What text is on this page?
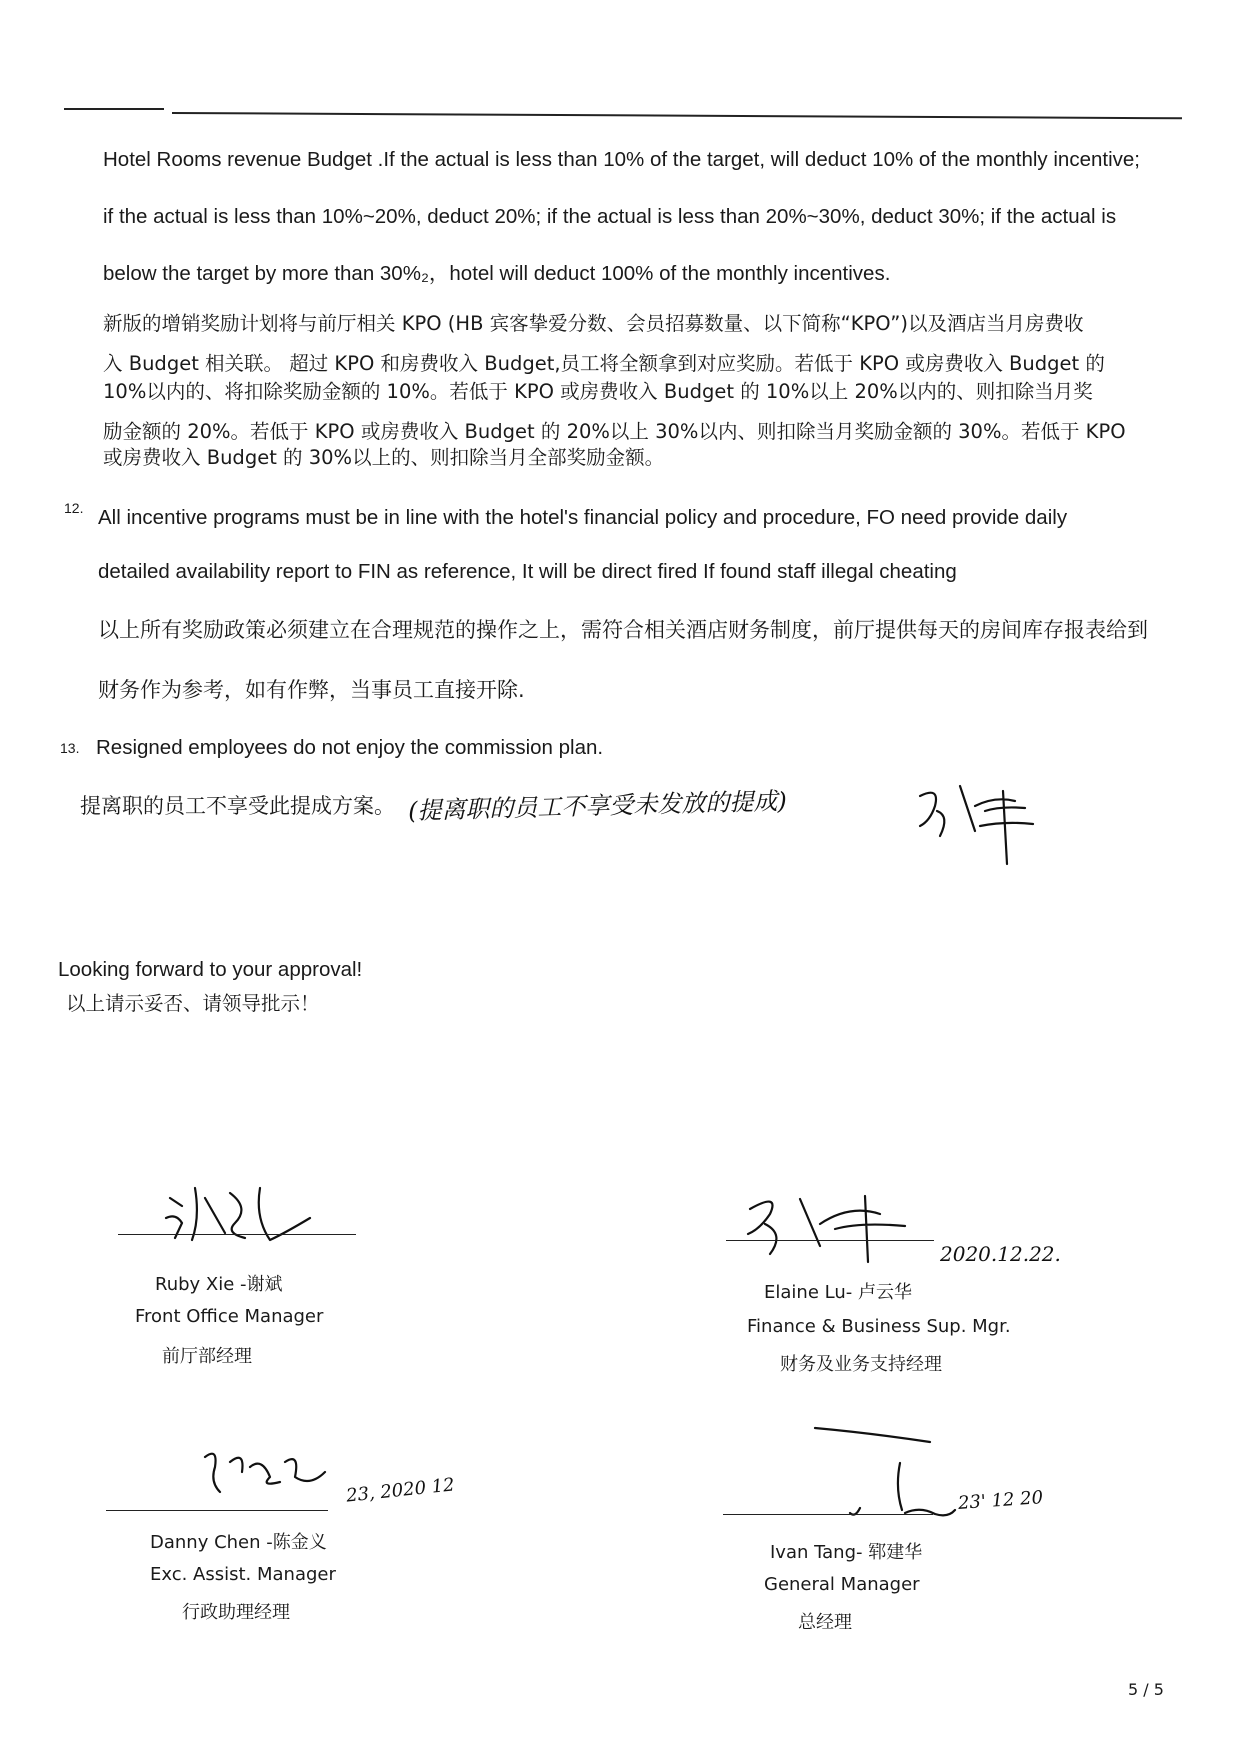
Hotel Rooms revenue Budget .If the actual is less than 10% of the target, will deduct 10% of the monthly incentive;
if the actual is less than 10%~20%, deduct 20%; if the actual is less than 20%~30%, deduct 30%; if the actual is
below the target by more than 30%₂，hotel will deduct 100% of the monthly incentives.
新版的增销奖励计划将与前厅相关 KPO (HB 宾客挚爱分数、会员招募数量、以下简称“KPO”)以及酒店当月房费收
入 Budget 相关联。 超过 KPO 和房费收入 Budget,员工将全额拿到对应奖励。若低于 KPO 或房费收入 Budget 的
10%以内的、将扣除奖励金额的 10%。若低于 KPO 或房费收入 Budget 的 10%以上 20%以内的、则扣除当月奖
励金额的 20%。若低于 KPO 或房费收入 Budget 的 20%以上 30%以内、则扣除当月奖励金额的 30%。若低于 KPO
或房费收入 Budget 的 30%以上的、则扣除当月全部奖励金额。
12. All incentive programs must be in line with the hotel's financial policy and procedure, FO need provide daily
detailed availability report to FIN as reference, It will be direct fired If found staff illegal cheating
以上所有奖励政策必须建立在合理规范的操作之上，需符合相关酒店财务制度，前厅提供每天的房间库存报表给到
财务作为参考，如有作弊，当事员工直接开除.
13. Resigned employees do not enjoy the commission plan.
提离职的员工不享受此提成方案。 (提离职的员工不享受未发放的提成)
Looking forward to your approval!
以上请示妥否、请领导批示！
Ruby Xie -谢斌
Front Office Manager
前厅部经理
2020.12.22.
Elaine Lu- 卢云华
Finance & Business Sup. Mgr.
财务及业务支持经理
23, 2020 12
Danny Chen -陈金义
Exc. Assist. Manager
行政助理经理
23' 12 20
Ivan Tang- 郓建华
General Manager
总经理
5 / 5
